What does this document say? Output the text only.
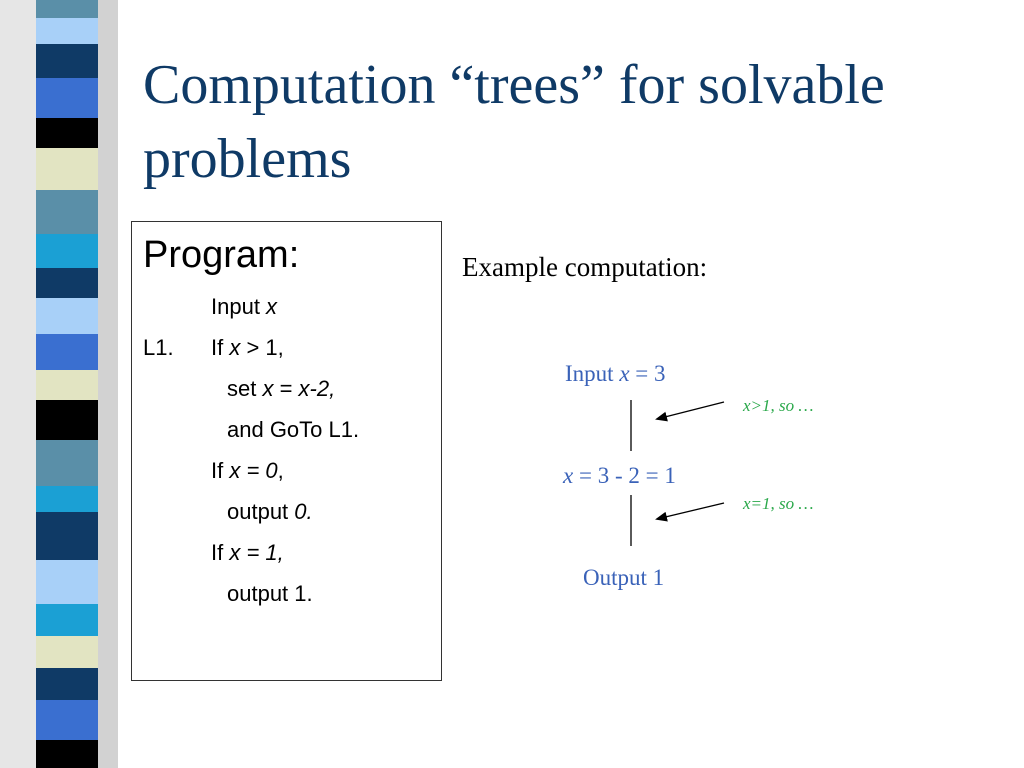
Computation “trees” for solvable problems
Program:
Input x
L1. If x > 1,
set x = x-2,
and GoTo L1.
If x = 0,
output 0.
If x = 1,
output 1.
Example computation:
Input x = 3
x = 3 - 2 = 1
Output 1
x>1, so …
x=1, so …
